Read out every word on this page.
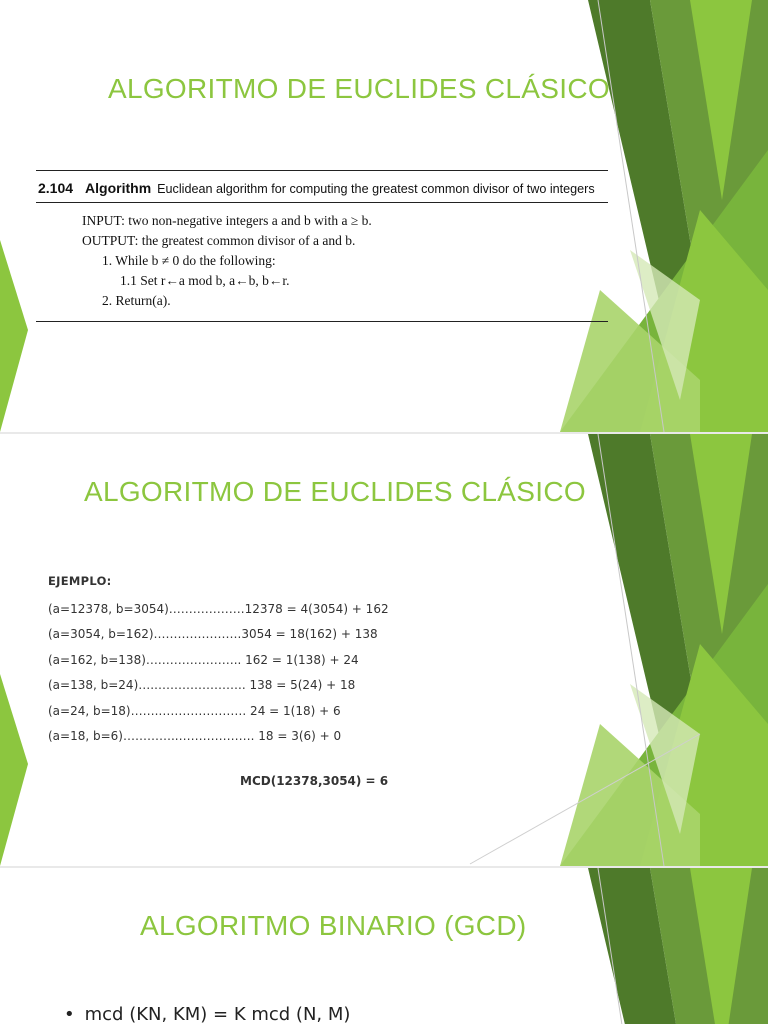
ALGORITMO DE EUCLIDES CLÁSICO
2.104 Algorithm Euclidean algorithm for computing the greatest common divisor of two integers
INPUT: two non-negative integers a and b with a ≥ b.
OUTPUT: the greatest common divisor of a and b.
1. While b ≠ 0 do the following:
1.1 Set r←a mod b, a←b, b←r.
2. Return(a).
ALGORITMO DE EUCLIDES CLÁSICO
EJEMPLO:
(a=12378, b=3054)……………….12378 = 4(3054) + 162
(a=3054, b=162)………………….3054 = 18(162) + 138
(a=162, b=138)….……………….. 162 = 1(138) + 24
(a=138, b=24)….………………….. 138 = 5(24) + 18
(a=24, b=18)…….…………………. 24 = 1(18) + 6
(a=18, b=6)…………..………………. 18 = 3(6) + 0
MCD(12378,3054) = 6
ALGORITMO BINARIO (GCD)
• mcd (KN, KM) = K mcd (N, M)
